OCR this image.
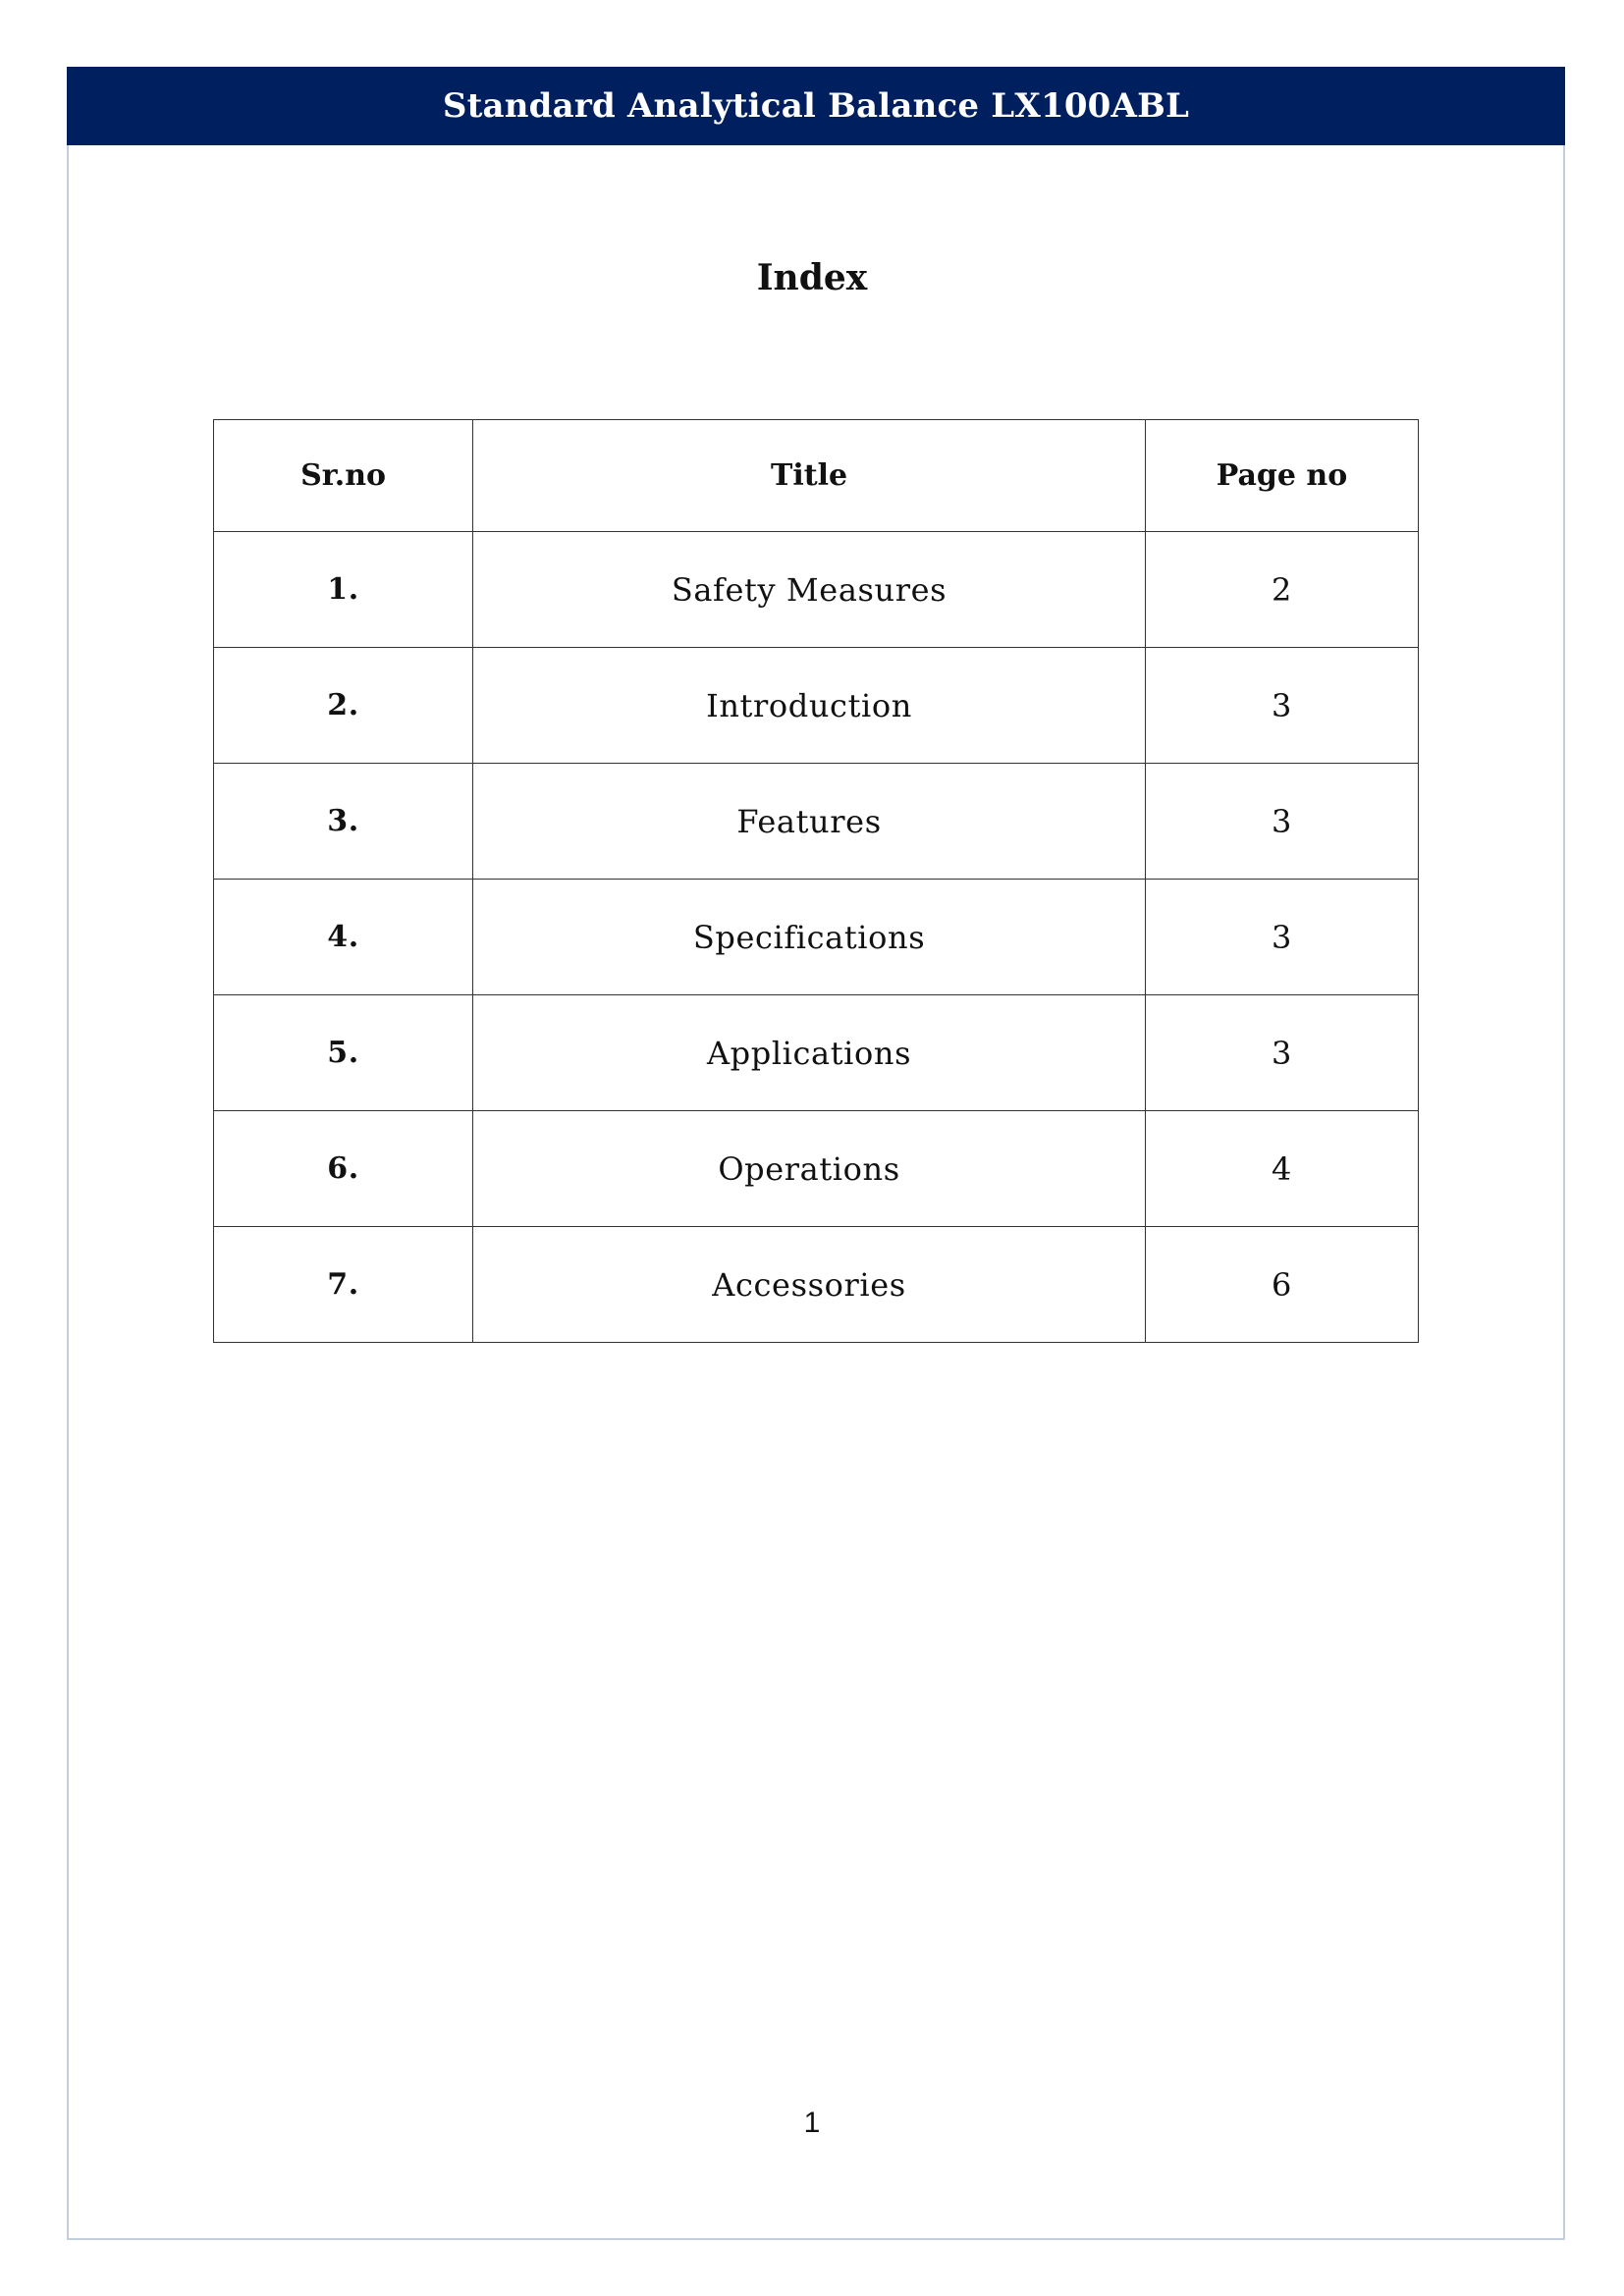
Standard Analytical Balance LX100ABL
Index
Sr.no	Title	Page no
1.	Safety Measures	2
2.	Introduction	3
3.	Features	3
4.	Specifications	3
5.	Applications	3
6.	Operations	4
7.	Accessories	6
1
